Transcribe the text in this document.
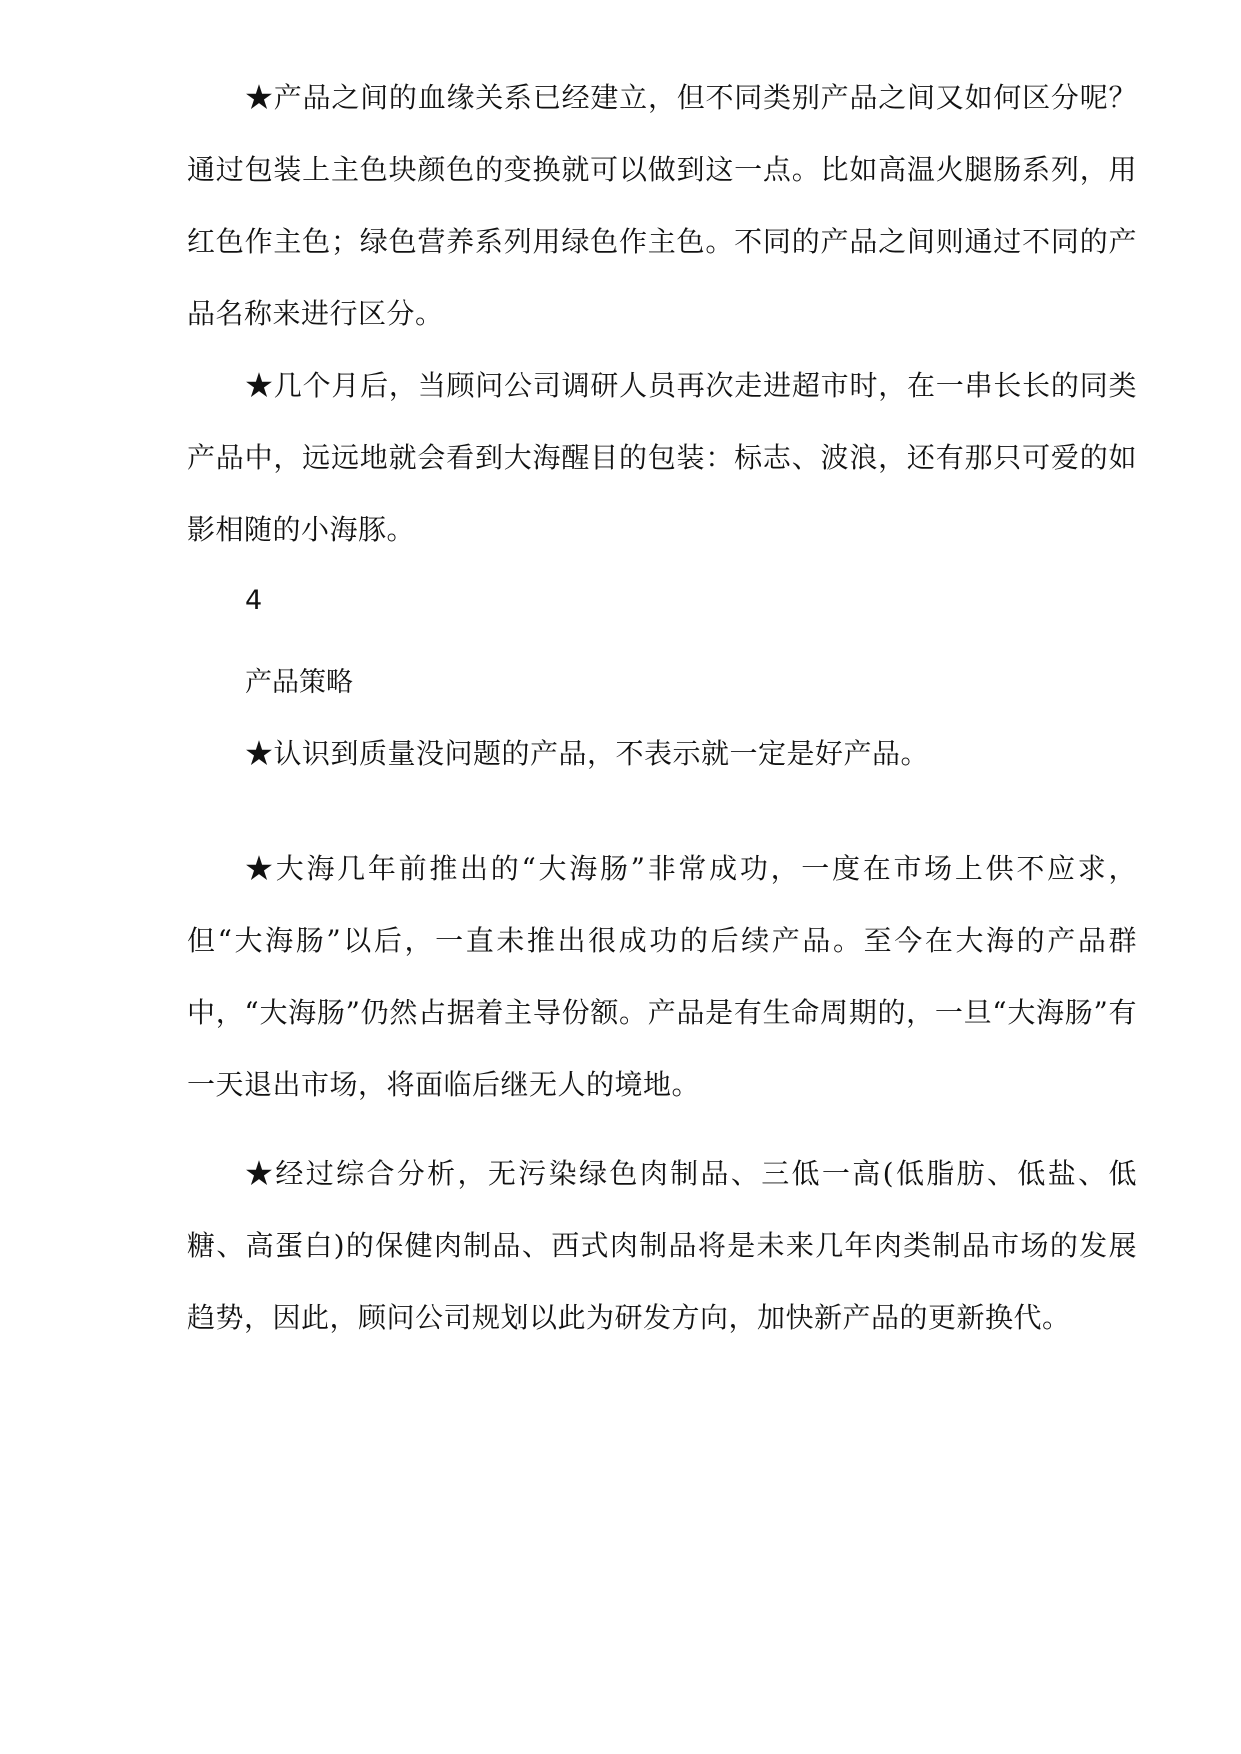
★产品之间的血缘关系已经建立，但不同类别产品之间又如何区分呢？通过包装上主色块颜色的变换就可以做到这一点。比如高温火腿肠系列，用红色作主色；绿色营养系列用绿色作主色。不同的产品之间则通过不同的产品名称来进行区分。

★几个月后，当顾问公司调研人员再次走进超市时，在一串长长的同类产品中，远远地就会看到大海醒目的包装：标志、波浪，还有那只可爱的如影相随的小海豚。

4

产品策略

★认识到质量没问题的产品，不表示就一定是好产品。

★大海几年前推出的“大海肠”非常成功，一度在市场上供不应求，但“大海肠”以后，一直未推出很成功的后续产品。至今在大海的产品群中，“大海肠”仍然占据着主导份额。产品是有生命周期的，一旦“大海肠”有一天退出市场，将面临后继无人的境地。

★经过综合分析，无污染绿色肉制品、三低一高(低脂肪、低盐、低糖、高蛋白)的保健肉制品、西式肉制品将是未来几年肉类制品市场的发展趋势，因此，顾问公司规划以此为研发方向，加快新产品的更新换代。
